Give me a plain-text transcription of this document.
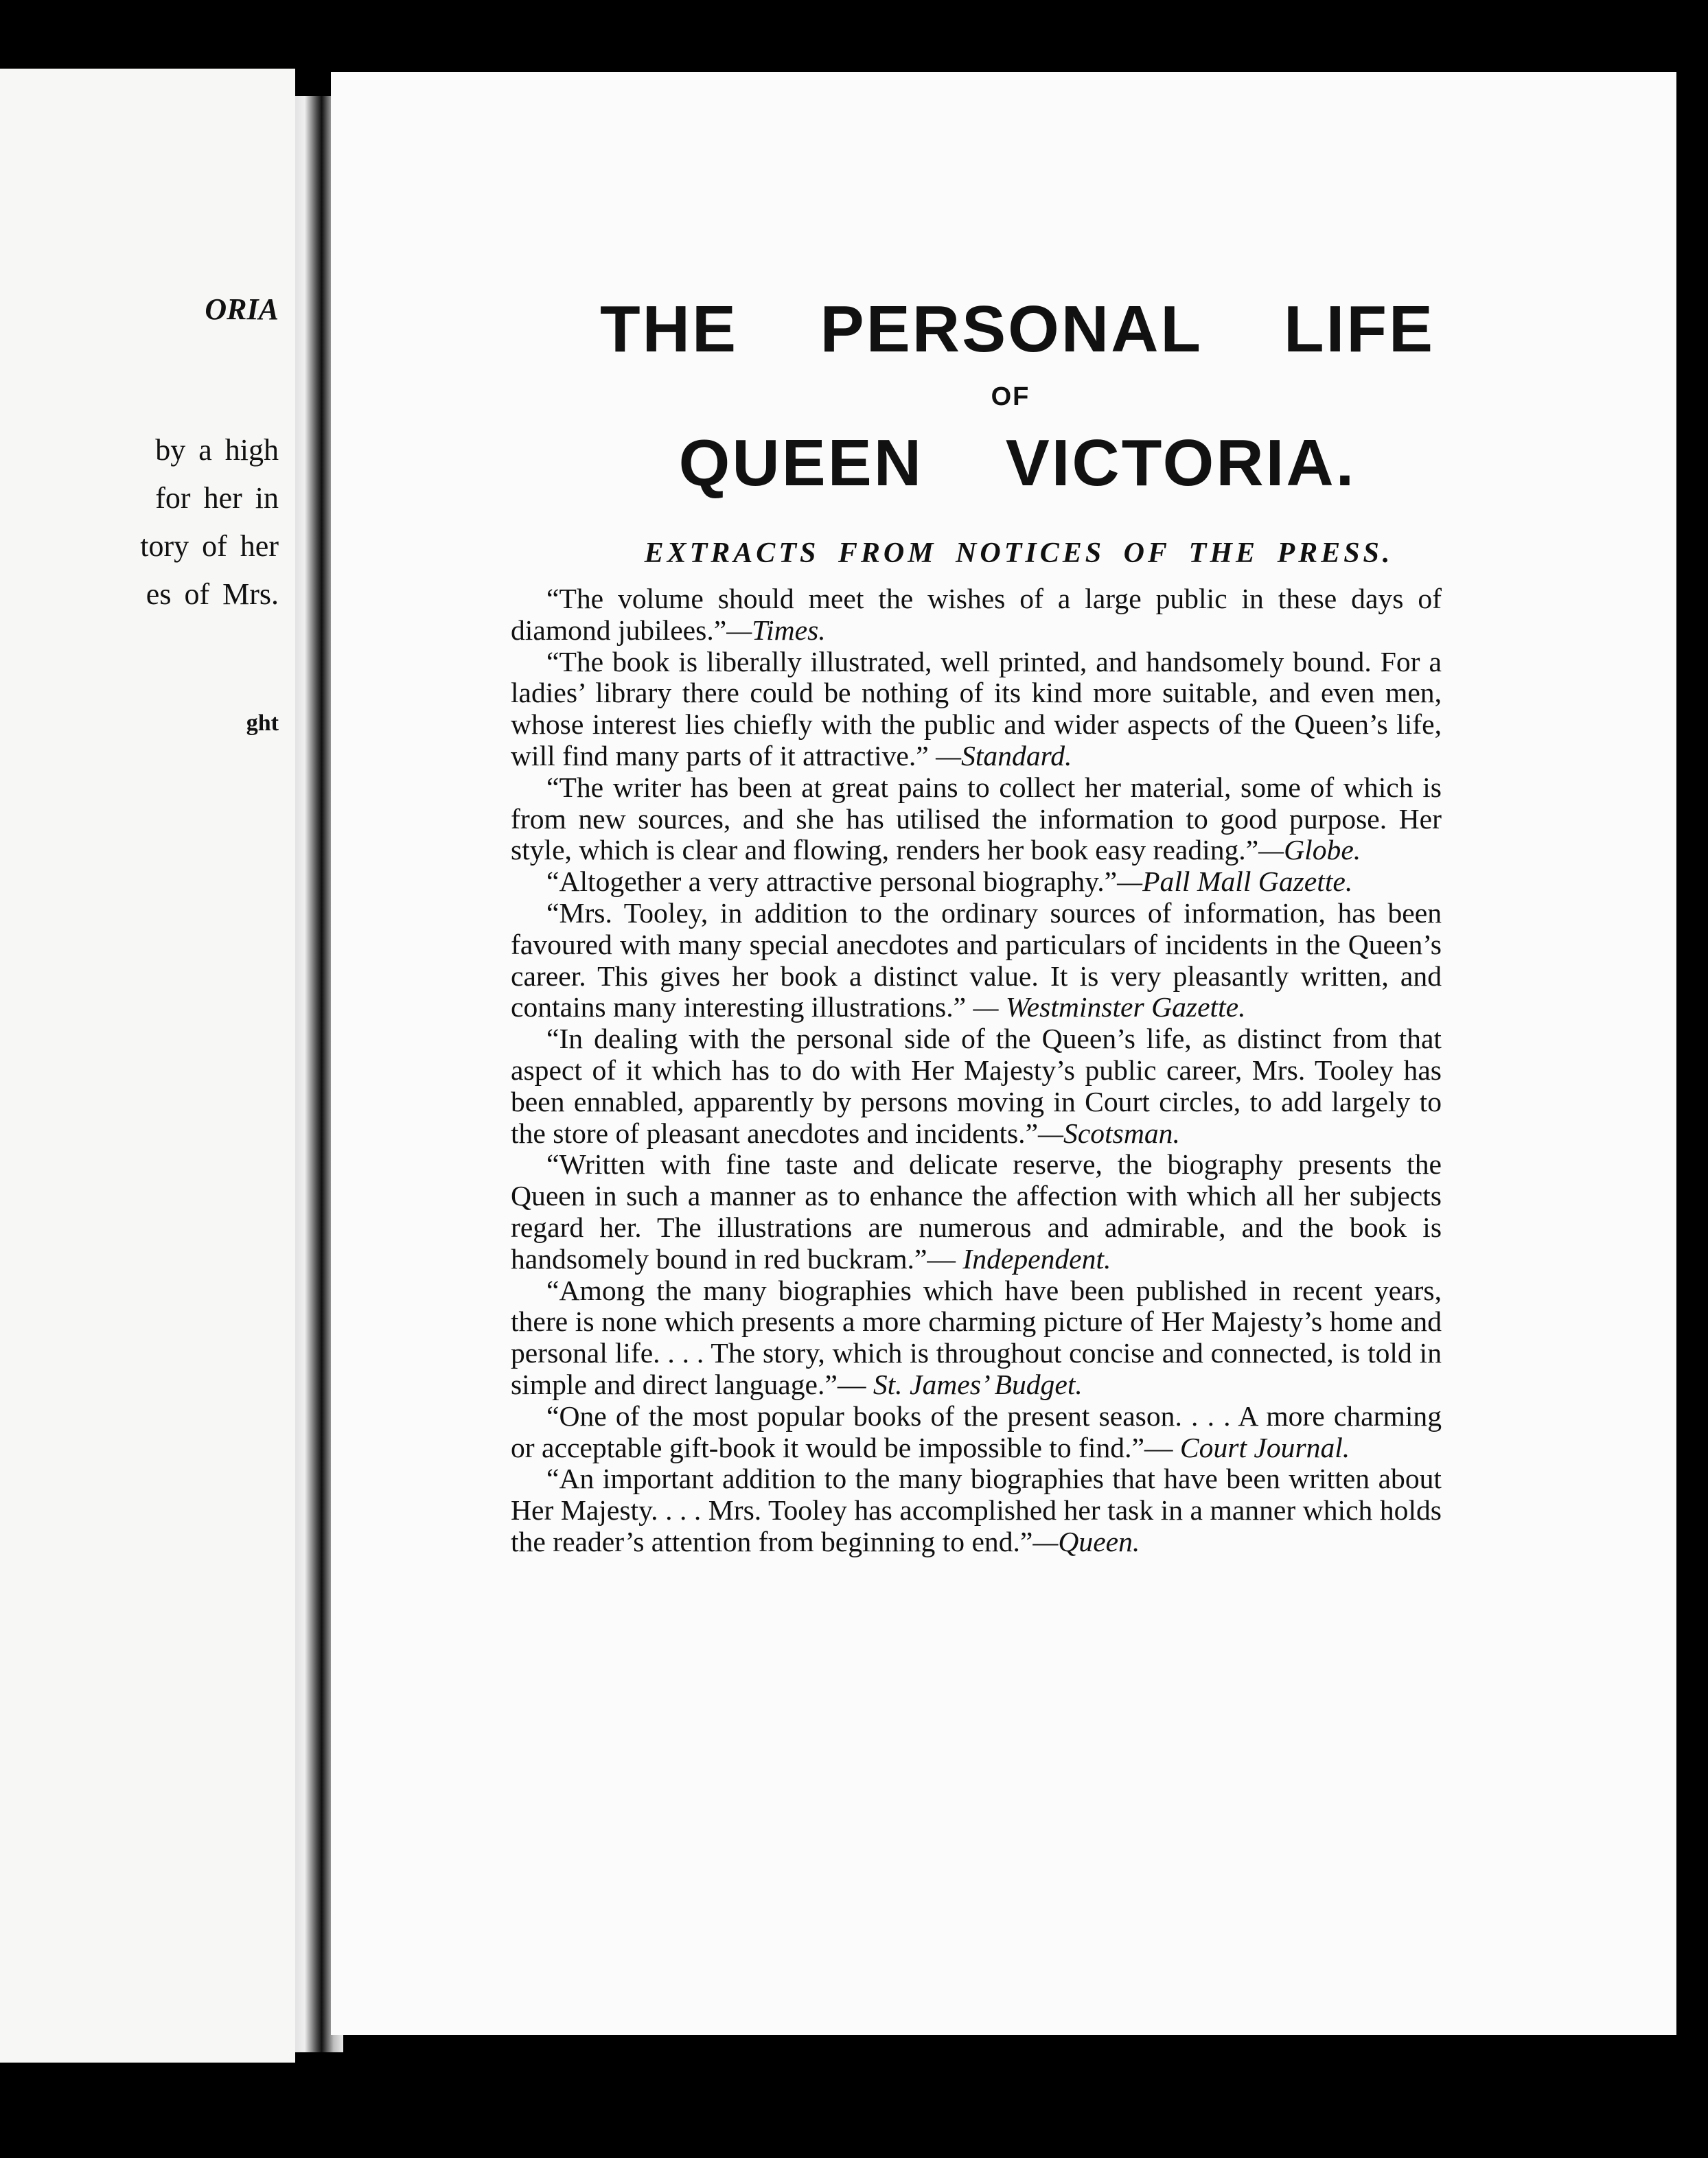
ORIA

by a high

for her in

tory of her

es of Mrs.

ght

THE PERSONAL LIFE

OF

QUEEN VICTORIA.

EXTRACTS FROM NOTICES OF THE PRESS.

“The volume should meet the wishes of a large public in these days of diamond jubilees.”—Times.

“The book is liberally illustrated, well printed, and handsomely bound. For a ladies’ library there could be nothing of its kind more suitable, and even men, whose interest lies chiefly with the public and wider aspects of the Queen’s life, will find many parts of it attractive.” —Standard.

“The writer has been at great pains to collect her material, some of which is from new sources, and she has utilised the information to good purpose. Her style, which is clear and flowing, renders her book easy reading.”—Globe.

“Altogether a very attractive personal biography.”—Pall Mall Gazette.

“Mrs. Tooley, in addition to the ordinary sources of information, has been favoured with many special anecdotes and particulars of incidents in the Queen’s career. This gives her book a distinct value. It is very pleasantly written, and contains many interesting illustrations.” — Westminster Gazette.

“In dealing with the personal side of the Queen’s life, as distinct from that aspect of it which has to do with Her Majesty’s public career, Mrs. Tooley has been ennabled, apparently by persons moving in Court circles, to add largely to the store of pleasant anecdotes and incidents.”—Scotsman.

“Written with fine taste and delicate reserve, the biography presents the Queen in such a manner as to enhance the affection with which all her subjects regard her. The illustrations are numerous and admirable, and the book is handsomely bound in red buckram.”— Independent.

“Among the many biographies which have been published in recent years, there is none which presents a more charming picture of Her Majesty’s home and personal life. . . . The story, which is throughout concise and connected, is told in simple and direct language.”— St. James’ Budget.

“One of the most popular books of the present season. . . . A more charming or acceptable gift-book it would be impossible to find.”— Court Journal.

“An important addition to the many biographies that have been written about Her Majesty. . . . Mrs. Tooley has accomplished her task in a manner which holds the reader’s attention from beginning to end.”—Queen.
